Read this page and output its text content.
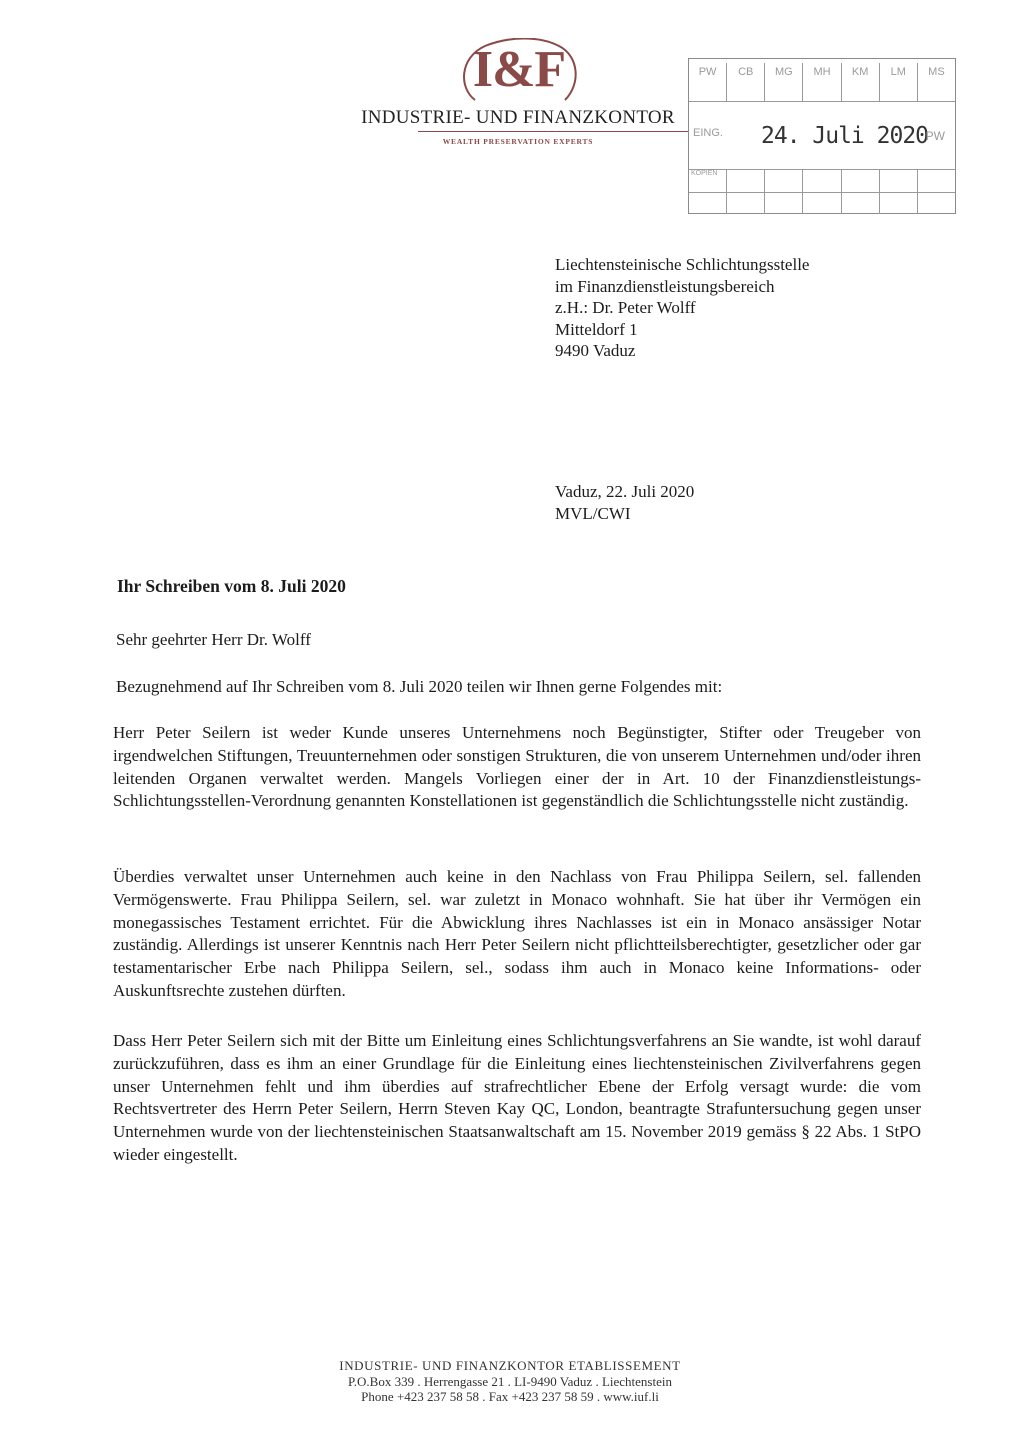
I&F
INDUSTRIE- UND FINANZKONTOR
WEALTH PRESERVATION EXPERTS
PW	CB	MG	MH	KM	LM	MS
EING. 24. Juli 2020
PW
KOPIEN
Liechtensteinische Schlichtungsstelle
im Finanzdienstleistungsbereich
z.H.: Dr. Peter Wolff
Mitteldorf 1
9490 Vaduz
Vaduz, 22. Juli 2020
MVL/CWI
Ihr Schreiben vom 8. Juli 2020
Sehr geehrter Herr Dr. Wolff
Bezugnehmend auf Ihr Schreiben vom 8. Juli 2020 teilen wir Ihnen gerne Folgendes mit:
Herr Peter Seilern ist weder Kunde unseres Unternehmens noch Begünstigter, Stifter oder Treugeber von irgendwelchen Stiftungen, Treuunternehmen oder sonstigen Strukturen, die von unserem Unternehmen und/oder ihren leitenden Organen verwaltet werden. Mangels Vorliegen einer der in Art. 10 der Finanzdienstleistungs-Schlichtungsstellen-Verordnung genannten Konstellationen ist gegenständlich die Schlichtungsstelle nicht zuständig.
Überdies verwaltet unser Unternehmen auch keine in den Nachlass von Frau Philippa Seilern, sel. fallenden Vermögenswerte. Frau Philippa Seilern, sel. war zuletzt in Monaco wohnhaft. Sie hat über ihr Vermögen ein monegassisches Testament errichtet. Für die Abwicklung ihres Nachlasses ist ein in Monaco ansässiger Notar zuständig. Allerdings ist unserer Kenntnis nach Herr Peter Seilern nicht pflichtteilsberechtigter, gesetzlicher oder gar testamentarischer Erbe nach Philippa Seilern, sel., sodass ihm auch in Monaco keine Informations- oder Auskunftsrechte zustehen dürften.
Dass Herr Peter Seilern sich mit der Bitte um Einleitung eines Schlichtungsverfahrens an Sie wandte, ist wohl darauf zurückzuführen, dass es ihm an einer Grundlage für die Einleitung eines liechtensteinischen Zivilverfahrens gegen unser Unternehmen fehlt und ihm überdies auf strafrechtlicher Ebene der Erfolg versagt wurde: die vom Rechtsvertreter des Herrn Peter Seilern, Herrn Steven Kay QC, London, beantragte Strafuntersuchung gegen unser Unternehmen wurde von der liechtensteinischen Staatsanwaltschaft am 15. November 2019 gemäss § 22 Abs. 1 StPO wieder eingestellt.
INDUSTRIE- UND FINANZKONTOR ETABLISSEMENT
P.O.Box 339 . Herrengasse 21 . LI-9490 Vaduz . Liechtenstein
Phone +423 237 58 58 . Fax +423 237 58 59 . www.iuf.li
